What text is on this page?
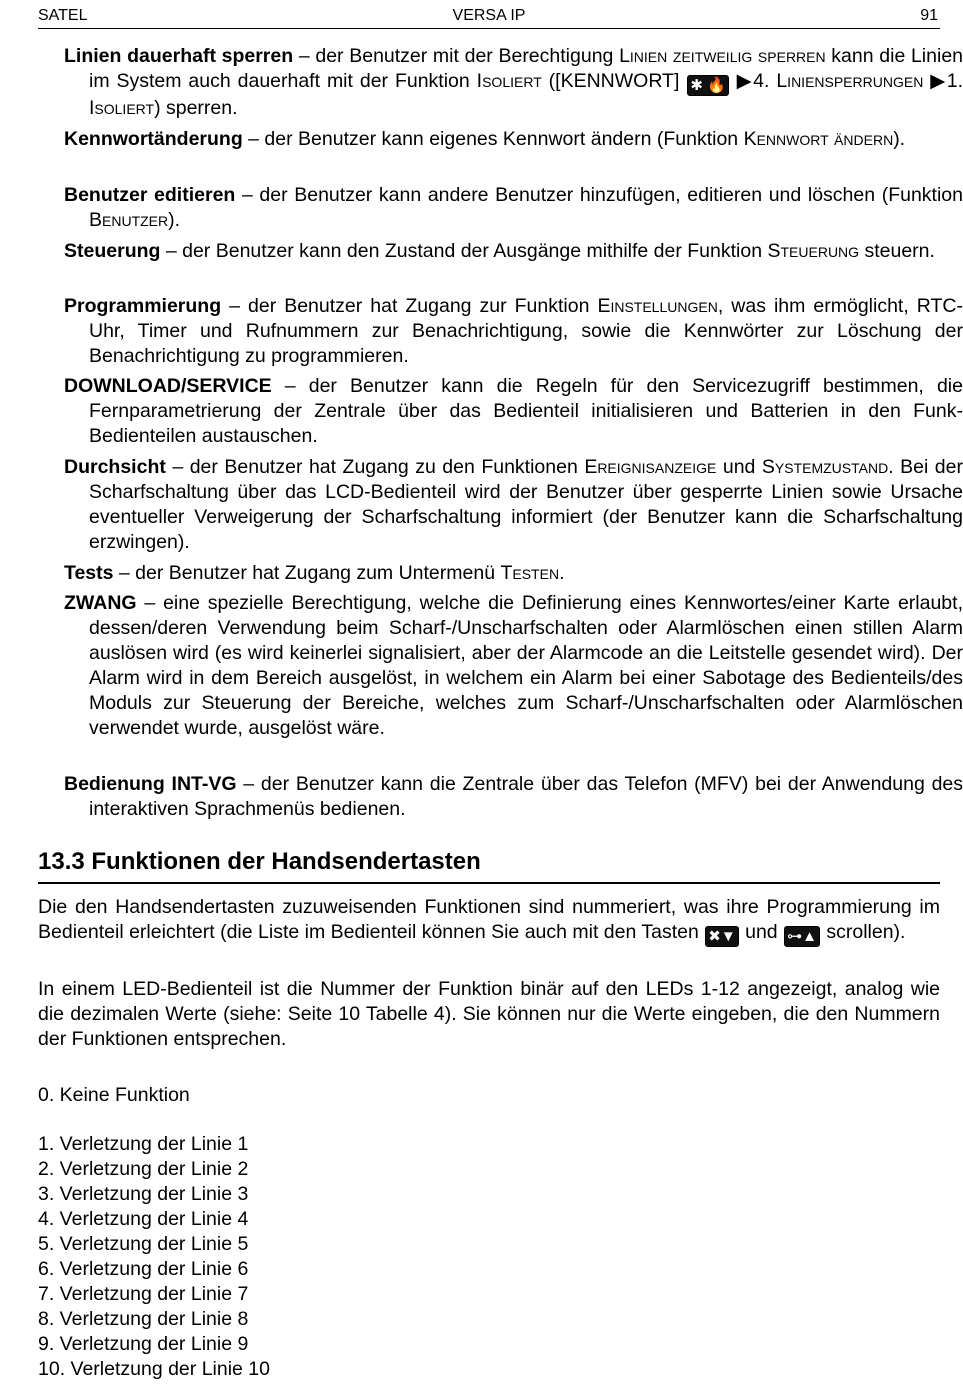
SATEL	VERSA IP	91
Linien dauerhaft sperren – der Benutzer mit der Berechtigung Linien zeitweilig sperren kann die Linien im System auch dauerhaft mit der Funktion Isoliert ([KENNWORT] ✱ 🔥 ▶4. Liniensperrungen ▶1. Isoliert) sperren.
Kennwortänderung – der Benutzer kann eigenes Kennwort ändern (Funktion Kennwort ändern).
Benutzer editieren – der Benutzer kann andere Benutzer hinzufügen, editieren und löschen (Funktion Benutzer).
Steuerung – der Benutzer kann den Zustand der Ausgänge mithilfe der Funktion Steuerung steuern.
Programmierung – der Benutzer hat Zugang zur Funktion Einstellungen, was ihm ermöglicht, RTC-Uhr, Timer und Rufnummern zur Benachrichtigung, sowie die Kennwörter zur Löschung der Benachrichtigung zu programmieren.
DOWNLOAD/SERVICE – der Benutzer kann die Regeln für den Servicezugriff bestimmen, die Fernparametrierung der Zentrale über das Bedienteil initialisieren und Batterien in den Funk-Bedienteilen austauschen.
Durchsicht – der Benutzer hat Zugang zu den Funktionen Ereignisanzeige und Systemzustand. Bei der Scharfschaltung über das LCD-Bedienteil wird der Benutzer über gesperrte Linien sowie Ursache eventueller Verweigerung der Scharfschaltung informiert (der Benutzer kann die Scharfschaltung erzwingen).
Tests – der Benutzer hat Zugang zum Untermenü Testen.
ZWANG – eine spezielle Berechtigung, welche die Definierung eines Kennwortes/einer Karte erlaubt, dessen/deren Verwendung beim Scharf-/Unscharfschalten oder Alarmlöschen einen stillen Alarm auslösen wird (es wird keinerlei signalisiert, aber der Alarmcode an die Leitstelle gesendet wird). Der Alarm wird in dem Bereich ausgelöst, in welchem ein Alarm bei einer Sabotage des Bedienteils/des Moduls zur Steuerung der Bereiche, welches zum Scharf-/Unscharfschalten oder Alarmlöschen verwendet wurde, ausgelöst wäre.
Bedienung INT-VG – der Benutzer kann die Zentrale über das Telefon (MFV) bei der Anwendung des interaktiven Sprachmenüs bedienen.
13.3 Funktionen der Handsendertasten
Die den Handsendertasten zuzuweisenden Funktionen sind nummeriert, was ihre Programmierung im Bedienteil erleichtert (die Liste im Bedienteil können Sie auch mit den Tasten ✖▼ und ⊶▲ scrollen).
In einem LED-Bedienteil ist die Nummer der Funktion binär auf den LEDs 1-12 angezeigt, analog wie die dezimalen Werte (siehe: Seite 10 Tabelle 4). Sie können nur die Werte eingeben, die den Nummern der Funktionen entsprechen.
0. Keine Funktion
1. Verletzung der Linie 1
2. Verletzung der Linie 2
3. Verletzung der Linie 3
4. Verletzung der Linie 4
5. Verletzung der Linie 5
6. Verletzung der Linie 6
7. Verletzung der Linie 7
8. Verletzung der Linie 8
9. Verletzung der Linie 9
10. Verletzung der Linie 10
